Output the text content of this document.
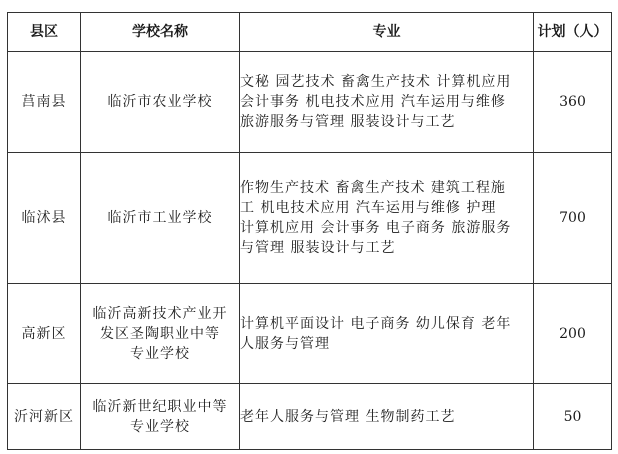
县区	学校名称	专业	计划（人）
莒南县	临沂市农业学校	文秘 园艺技术 畜禽生产技术 计算机应用
会计事务 机电技术应用 汽车运用与维修
旅游服务与管理 服装设计与工艺	360
临沭县	临沂市工业学校	作物生产技术 畜禽生产技术 建筑工程施
工 机电技术应用 汽车运用与维修 护理
计算机应用 会计事务 电子商务 旅游服务
与管理 服装设计与工艺	700
高新区	临沂高新技术产业开
发区圣陶职业中等
专业学校	计算机平面设计 电子商务 幼儿保育 老年
人服务与管理	200
沂河新区	临沂新世纪职业中等
专业学校	老年人服务与管理 生物制药工艺	50
